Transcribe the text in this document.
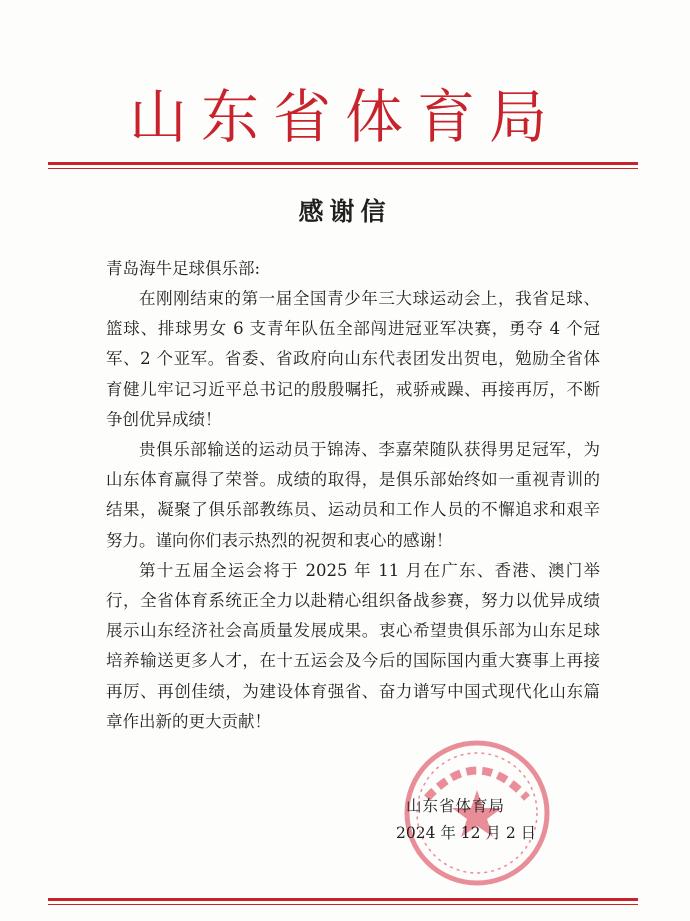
山东省体育局
感谢信
青岛海牛足球俱乐部:

在刚刚结束的第一届全国青少年三大球运动会上，我省足球、篮球、排球男女 6 支青年队伍全部闯进冠亚军决赛，勇夺 4 个冠军、2 个亚军。省委、省政府向山东代表团发出贺电，勉励全省体育健儿牢记习近平总书记的殷殷嘱托，戒骄戒躁、再接再厉，不断争创优异成绩！

贵俱乐部输送的运动员于锦涛、李嘉荣随队获得男足冠军，为山东体育赢得了荣誉。成绩的取得，是俱乐部始终如一重视青训的结果，凝聚了俱乐部教练员、运动员和工作人员的不懈追求和艰辛努力。谨向你们表示热烈的祝贺和衷心的感谢！

第十五届全运会将于 2025 年 11 月在广东、香港、澳门举行，全省体育系统正全力以赴精心组织备战参赛，努力以优异成绩展示山东经济社会高质量发展成果。衷心希望贵俱乐部为山东足球培养输送更多人才，在十五运会及今后的国际国内重大赛事上再接再厉、再创佳绩，为建设体育强省、奋力谱写中国式现代化山东篇章作出新的更大贡献！

山东省体育局
2024 年 12 月 2 日
